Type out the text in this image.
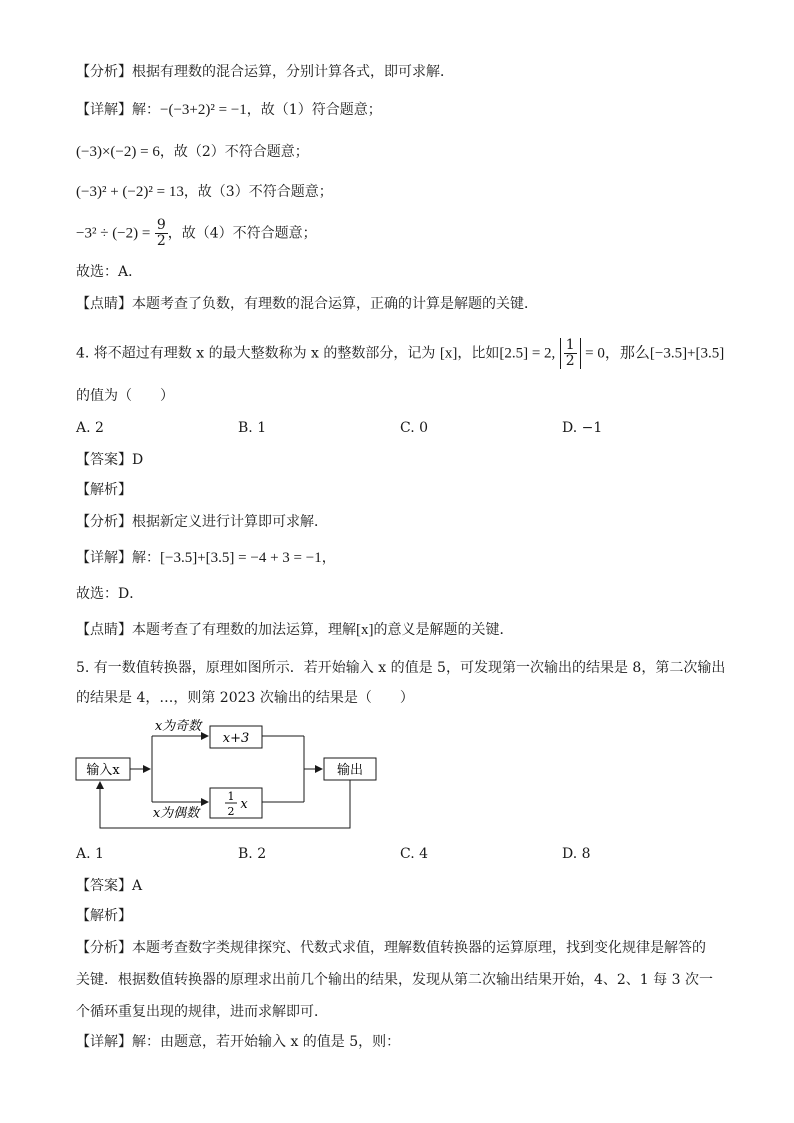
【分析】根据有理数的混合运算，分别计算各式，即可求解．
【详解】解：−(−3+2)² = −1，故（1）符合题意；
(−3)×(−2) = 6，故（2）不符合题意；
(−3)² + (−2)² = 13，故（3）不符合题意；
$-3^2 \div (-2) = \frac{9}{2}$ ，故（4）不符合题意；
故选：A．
【点睛】本题考查了负数，有理数的混合运算，正确的计算是解题的关键．
4. 将不超过有理数 x 的最大整数称为 x 的整数部分，记为 [x]，比如[2.5] = 2, $\frac{1}{2} = 0$，那么[−3.5]+[3.5]
的值为（　　）
A. 2	B. 1	C. 0	D. −1
【答案】D
【解析】
【分析】根据新定义进行计算即可求解．
【详解】解：[−3.5]+[3.5] = −4 + 3 = −1，
故选：D．
【点睛】本题考查了有理数的加法运算，理解[x]的意义是解题的关键．
5. 有一数值转换器，原理如图所示．若开始输入 x 的值是 5，可发现第一次输出的结果是 8，第二次输出
的结果是 4，…，则第 2023 次输出的结果是（　　）
输入x
x为奇数
x+3
x为偶数
1
2 x
输出
A. 1	B. 2	C. 4	D. 8
【答案】A
【解析】
【分析】本题考查数字类规律探究、代数式求值，理解数值转换器的运算原理，找到变化规律是解答的关键．根据数值转换器的原理求出前几个输出的结果，发现从第二次输出结果开始，4、2、1 每 3 次一个循环重复出现的规律，进而求解即可．
【详解】解：由题意，若开始输入 x 的值是 5，则：
